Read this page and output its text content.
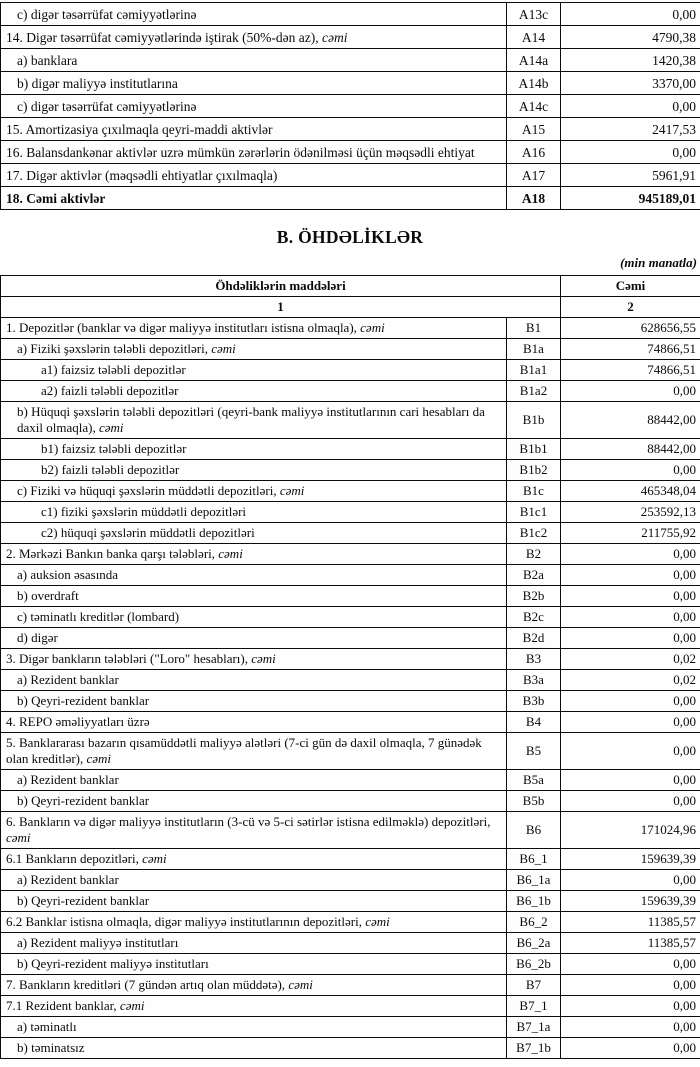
c) digər təsərrüfat cəmiyyətlərinə	A13c	0,00
14. Digər təsərrüfat cəmiyyətlərində iştirak (50%-dən az), cəmi	A14	4790,38
a) banklara	A14a	1420,38
b) digər maliyyə institutlarına	A14b	3370,00
c) digər təsərrüfat cəmiyyətlərinə	A14c	0,00
15. Amortizasiya çıxılmaqla qeyri-maddi aktivlər	A15	2417,53
16. Balansdankənar aktivlər uzrə mümkün zərərlərin ödənilməsi üçün məqsədli ehtiyat	A16	0,00
17. Digər aktivlər (məqsədli ehtiyatlar çıxılmaqla)	A17	5961,91
18. Cəmi aktivlər	A18	945189,01
B. ÖHDƏLİKLƏR
(min manatla)
Öhdəliklərin maddələri		Cəmi
1		2
1. Depozitlər (banklar və digər maliyyə institutları istisna olmaqla), cəmi	B1	628656,55
a) Fiziki şəxslərin tələbli depozitləri, cəmi	B1a	74866,51
a1) faizsiz tələbli depozitlər	B1a1	74866,51
a2) faizli tələbli depozitlər	B1a2	0,00
b) Hüquqi şəxslərin tələbli depozitləri (qeyri-bank maliyyə institutlarının cari hesabları da daxil olmaqla), cəmi	B1b	88442,00
b1) faizsiz tələbli depozitlər	B1b1	88442,00
b2) faizli tələbli depozitlər	B1b2	0,00
c) Fiziki və hüquqi şəxslərin müddətli depozitləri, cəmi	B1c	465348,04
c1) fiziki şəxslərin müddətli depozitləri	B1c1	253592,13
c2) hüquqi şəxslərin müddətli depozitləri	B1c2	211755,92
2. Mərkəzi Bankın banka qarşı tələbləri, cəmi	B2	0,00
a) auksion əsasında	B2a	0,00
b) overdraft	B2b	0,00
c) təminatlı kreditlər (lombard)	B2c	0,00
d) digər	B2d	0,00
3. Digər bankların tələbləri ("Loro" hesabları), cəmi	B3	0,02
a) Rezident banklar	B3a	0,02
b) Qeyri-rezident banklar	B3b	0,00
4. REPO əməliyyatları üzrə	B4	0,00
5. Banklararası bazarın qısamüddətli maliyyə alətləri (7-ci gün də daxil olmaqla, 7 günədək olan kreditlər), cəmi	B5	0,00
a) Rezident banklar	B5a	0,00
b) Qeyri-rezident banklar	B5b	0,00
6. Bankların və digər maliyyə institutların (3-cü və 5-ci sətirlər istisna edilməklə) depozitləri, cəmi	B6	171024,96
6.1 Bankların depozitləri, cəmi	B6_1	159639,39
a) Rezident banklar	B6_1a	0,00
b) Qeyri-rezident banklar	B6_1b	159639,39
6.2 Banklar istisna olmaqla, digər maliyyə institutlarının depozitləri, cəmi	B6_2	11385,57
a) Rezident maliyyə institutları	B6_2a	11385,57
b) Qeyri-rezident maliyyə institutları	B6_2b	0,00
7. Bankların kreditləri (7 gündən artıq olan müddətə), cəmi	B7	0,00
7.1 Rezident banklar, cəmi	B7_1	0,00
a) təminatlı	B7_1a	0,00
b) təminatsız	B7_1b	0,00
